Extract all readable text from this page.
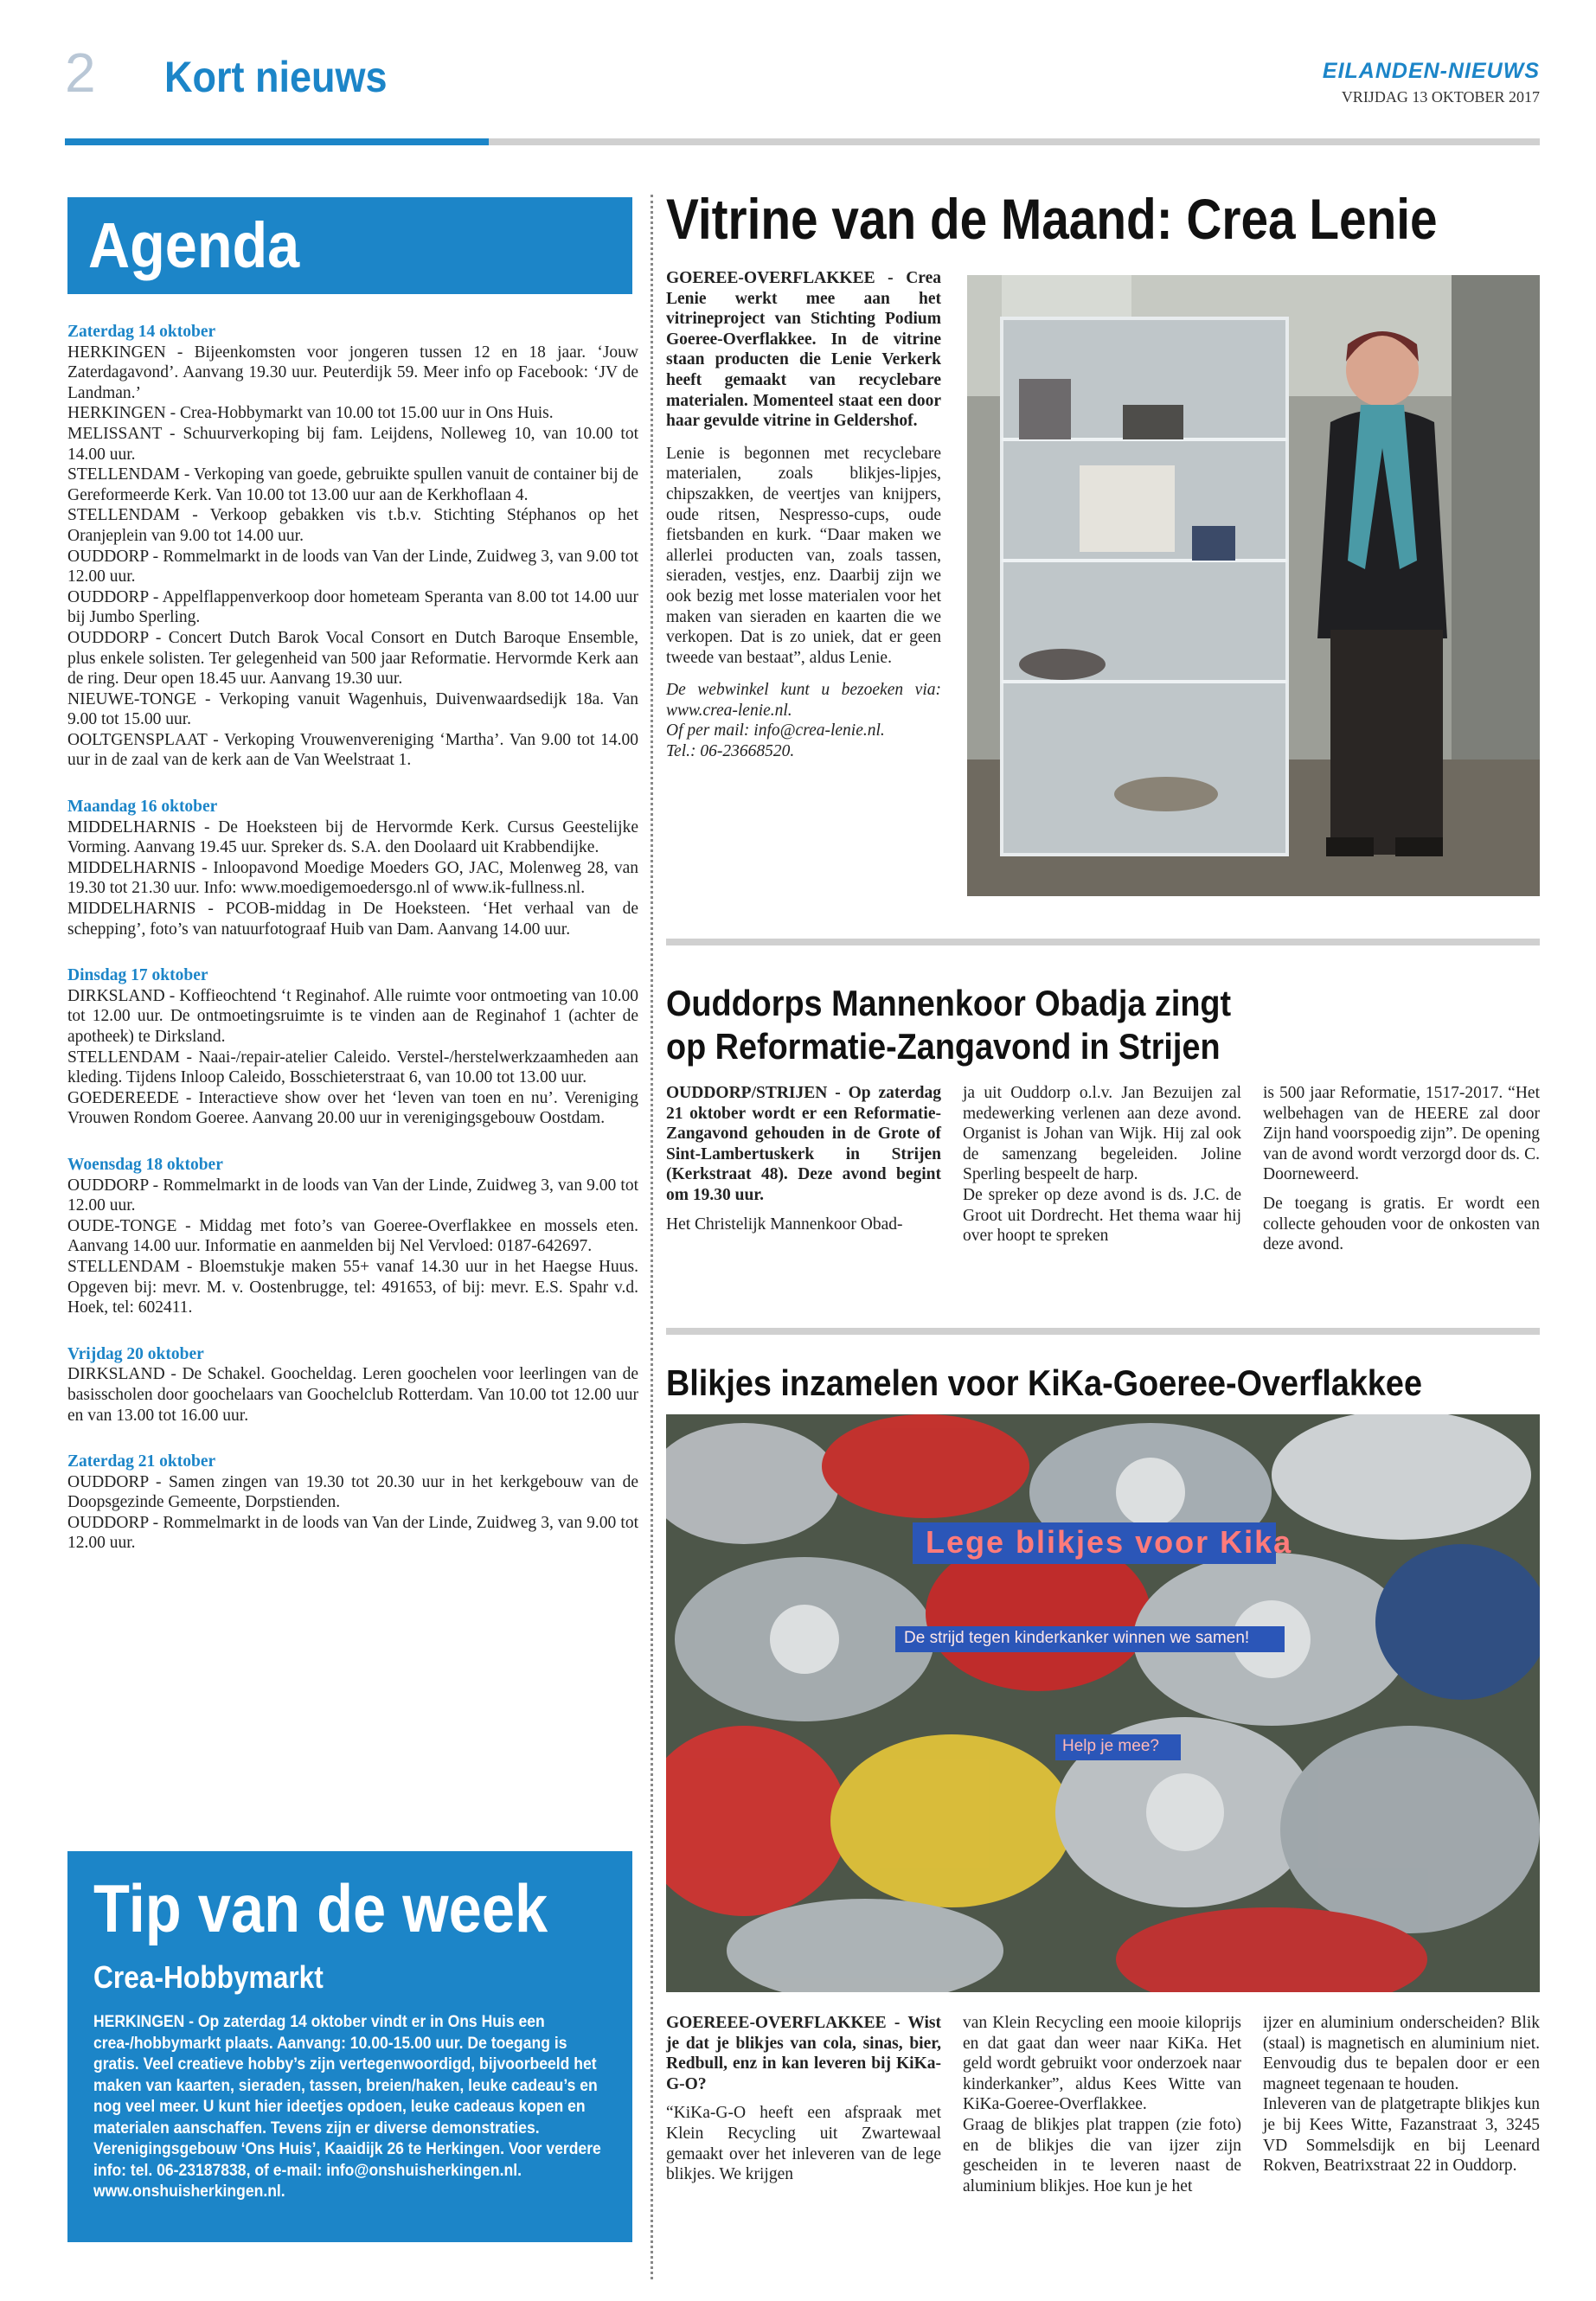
2 Kort nieuws	EILANDEN-NIEUWS
VRIJDAG 13 OKTOBER 2017
Agenda
Zaterdag 14 oktober

HERKINGEN - Bijeenkomsten voor jongeren tussen 12 en 18 jaar. ‘Jouw Zaterdagavond’. Aanvang 19.30 uur. Peuterdijk 59. Meer info op Facebook: ‘JV de Landman.’

HERKINGEN - Crea-Hobbymarkt van 10.00 tot 15.00 uur in Ons Huis.

MELISSANT - Schuurverkoping bij fam. Leijdens, Nolleweg 10, van 10.00 tot 14.00 uur.

STELLENDAM - Verkoping van goede, gebruikte spullen vanuit de container bij de Gereformeerde Kerk. Van 10.00 tot 13.00 uur aan de Kerkhoflaan 4.

STELLENDAM - Verkoop gebakken vis t.b.v. Stichting Stéphanos op het Oranjeplein van 9.00 tot 14.00 uur.

OUDDORP - Rommelmarkt in de loods van Van der Linde, Zuidweg 3, van 9.00 tot 12.00 uur.

OUDDORP - Appelflappenverkoop door hometeam Speranta van 8.00 tot 14.00 uur bij Jumbo Sperling.

OUDDORP - Concert Dutch Barok Vocal Consort en Dutch Baroque Ensemble, plus enkele solisten. Ter gelegenheid van 500 jaar Reformatie. Hervormde Kerk aan de ring. Deur open 18.45 uur. Aanvang 19.30 uur.

NIEUWE-TONGE - Verkoping vanuit Wagenhuis, Duivenwaardsedijk 18a. Van 9.00 tot 15.00 uur.

OOLTGENSPLAAT - Verkoping Vrouwenvereniging ‘Martha’. Van 9.00 tot 14.00 uur in de zaal van de kerk aan de Van Weelstraat 1.

Maandag 16 oktober

MIDDELHARNIS - De Hoeksteen bij de Hervormde Kerk. Cursus Geestelijke Vorming. Aanvang 19.45 uur. Spreker ds. S.A. den Doolaard uit Krabbendijke.

MIDDELHARNIS - Inloopavond Moedige Moeders GO, JAC, Molenweg 28, van 19.30 tot 21.30 uur. Info: www.moedigemoedersgo.nl of www.ik-fullness.nl.

MIDDELHARNIS - PCOB-middag in De Hoeksteen. ‘Het verhaal van de schepping’, foto’s van natuurfotograaf Huib van Dam. Aanvang 14.00 uur.

Dinsdag 17 oktober

DIRKSLAND - Koffieochtend ‘t Reginahof. Alle ruimte voor ontmoeting van 10.00 tot 12.00 uur. De ontmoetingsruimte is te vinden aan de Reginahof 1 (achter de apotheek) te Dirksland.

STELLENDAM - Naai-/repair-atelier Caleido. Verstel-/herstelwerkzaamheden aan kleding. Tijdens Inloop Caleido, Bosschieterstraat 6, van 10.00 tot 13.00 uur.

GOEDEREEDE - Interactieve show over het ‘leven van toen en nu’. Vereniging Vrouwen Rondom Goeree. Aanvang 20.00 uur in verenigingsgebouw Oostdam.

Woensdag 18 oktober

OUDDORP - Rommelmarkt in de loods van Van der Linde, Zuidweg 3, van 9.00 tot 12.00 uur.

OUDE-TONGE - Middag met foto’s van Goeree-Overflakkee en mossels eten. Aanvang 14.00 uur. Informatie en aanmelden bij Nel Vervloed: 0187-642697.

STELLENDAM - Bloemstukje maken 55+ vanaf 14.30 uur in het Haegse Huus. Opgeven bij: mevr. M. v. Oostenbrugge, tel: 491653, of bij: mevr. E.S. Spahr v.d. Hoek, tel: 602411.

Vrijdag 20 oktober

DIRKSLAND - De Schakel. Goocheldag. Leren goochelen voor leerlingen van de basisscholen door goochelaars van Goochelclub Rotterdam. Van 10.00 tot 12.00 uur en van 13.00 tot 16.00 uur.

Zaterdag 21 oktober

OUDDORP - Samen zingen van 19.30 tot 20.30 uur in het kerkgebouw van de Doopsgezinde Gemeente, Dorpstienden.

OUDDORP - Rommelmarkt in de loods van Van der Linde, Zuidweg 3, van 9.00 tot 12.00 uur.

Tip van de week
Crea-Hobbymarkt
HERKINGEN - Op zaterdag 14 oktober vindt er in Ons Huis een crea-/hobbymarkt plaats. Aanvang: 10.00-15.00 uur. De toegang is gratis. Veel creatieve hobby’s zijn vertegenwoordigd, bijvoorbeeld het maken van kaarten, sieraden, tassen, breien/haken, leuke cadeau’s en nog veel meer. U kunt hier ideetjes opdoen, leuke cadeaus kopen en materialen aanschaffen. Tevens zijn er diverse demonstraties. Verenigingsgebouw ‘Ons Huis’, Kaaidijk 26 te Herkingen. Voor verdere info: tel. 06-23187838, of e-mail: info@onshuisherkingen.nl. www.onshuisherkingen.nl.
Vitrine van de Maand: Crea Lenie

GOEREE-OVERFLAKKEE - Crea Lenie werkt mee aan het vitrineproject van Stichting Podium Goeree-Overflakkee. In de vitrine staan producten die Lenie Verkerk heeft gemaakt van recyclebare materialen. Momenteel staat een door haar gevulde vitrine in Geldershof.

Lenie is begonnen met recyclebare materialen, zoals blikjes-lipjes, chipszakken, de veertjes van knijpers, oude ritsen, Nespresso-cups, oude fietsbanden en kurk. “Daar maken we allerlei producten van, zoals tassen, sieraden, vestjes, enz. Daarbij zijn we ook bezig met losse materialen voor het maken van sieraden en kaarten die we verkopen. Dat is zo uniek, dat er geen tweede van bestaat”, aldus Lenie.

De webwinkel kunt u bezoeken via: www.crea-lenie.nl.
Of per mail: info@crea-lenie.nl.
Tel.: 06-23668520.

Ouddorps Mannenkoor Obadja zingt
op Reformatie-Zangavond in Strijen

OUDDORP/STRIJEN - Op zaterdag 21 oktober wordt er een Reformatie-Zangavond gehouden in de Grote of Sint-Lambertuskerk in Strijen (Kerkstraat 48). Deze avond begint om 19.30 uur.

Het Christelijk Mannenkoor Obad-

ja uit Ouddorp o.l.v. Jan Bezuijen zal medewerking verlenen aan deze avond. Organist is Johan van Wijk. Hij zal ook de samenzang begeleiden. Joline Sperling bespeelt de harp.

De spreker op deze avond is ds. J.C. de Groot uit Dordrecht. Het thema waar hij over hoopt te spreken

is 500 jaar Reformatie, 1517-2017. “Het welbehagen van de HEERE zal door Zijn hand voorspoedig zijn”. De opening van de avond wordt verzorgd door ds. C. Doorneweerd.

De toegang is gratis. Er wordt een collecte gehouden voor de onkosten van deze avond.

Blikjes inzamelen voor KiKa-Goeree-Overflakkee
Lege blikjes voor Kika
De strijd tegen kinderkanker winnen we samen!
Help je mee?

GOEREEE-OVERFLAKKEE - Wist je dat je blikjes van cola, sinas, bier, Redbull, enz in kan leveren bij KiKa-G-O?

“KiKa-G-O heeft een afspraak met Klein Recycling uit Zwartewaal gemaakt over het inleveren van de lege blikjes. We krijgen

van Klein Recycling een mooie kiloprijs en dat gaat dan weer naar KiKa. Het geld wordt gebruikt voor onderzoek naar kinderkanker”, aldus Kees Witte van KiKa-Goeree-Overflakkee.

Graag de blikjes plat trappen (zie foto) en de blikjes die van ijzer zijn gescheiden in te leveren naast de aluminium blikjes. Hoe kun je het

ijzer en aluminium onderscheiden? Blik (staal) is magnetisch en aluminium niet. Eenvoudig dus te bepalen door er een magneet tegenaan te houden.

Inleveren van de platgetrapte blikjes kun je bij Kees Witte, Fazanstraat 3, 3245 VD Sommelsdijk en bij Leenard Rokven, Beatrixstraat 22 in Ouddorp.
